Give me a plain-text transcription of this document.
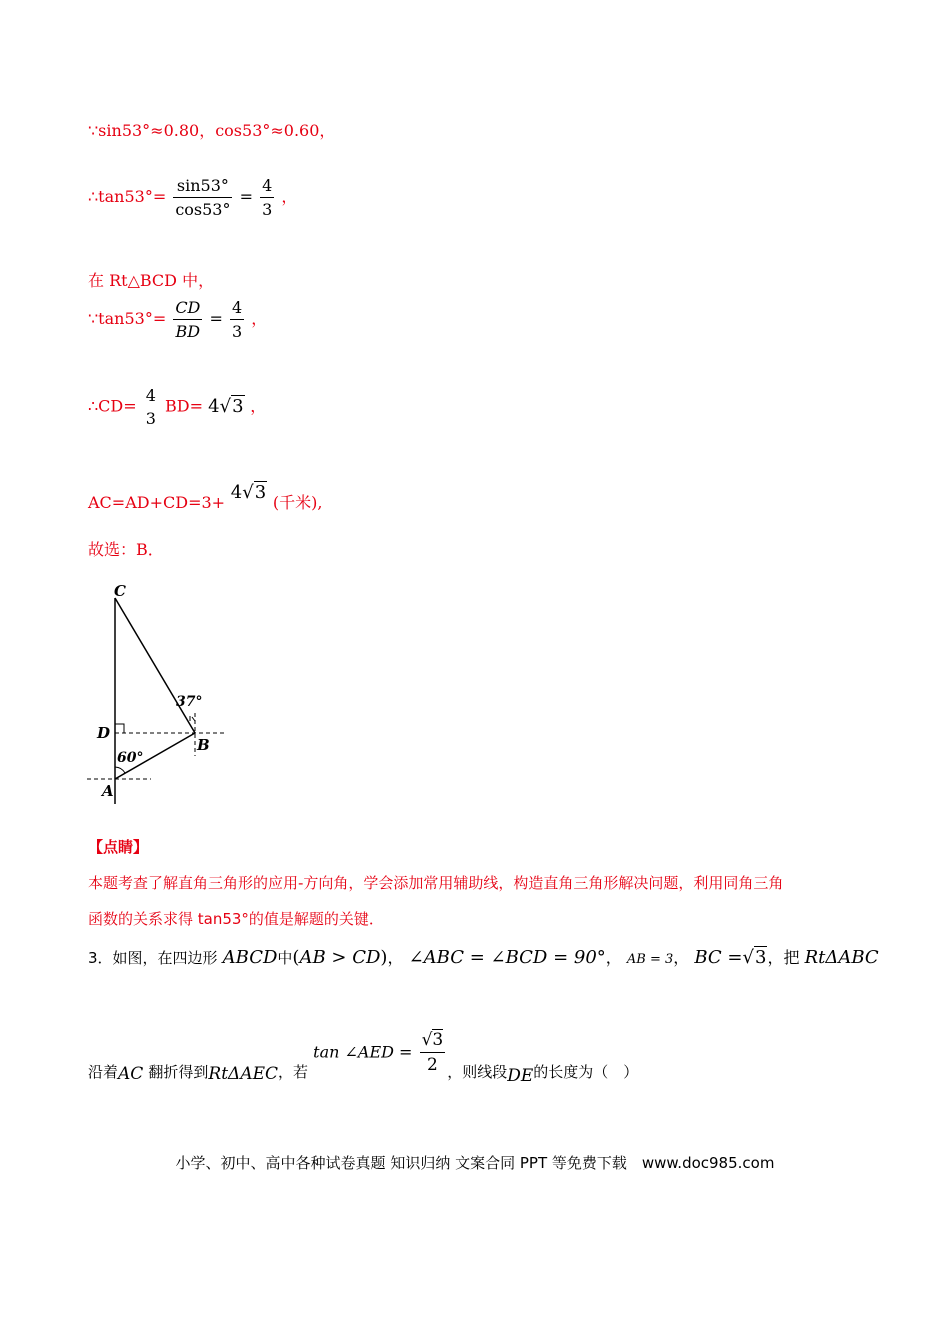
∵sin53°≈0.80，cos53°≈0.60，
∴tan53°= $\frac{\sin 53^\circ}{\cos 53^\circ} = \frac{4}{3}$ ，
在 Rt△BCD 中，
∵tan53°= $\frac{CD}{BD} = \frac{4}{3}$ ，
∴CD=
4
3
BD= 4√3 ，
AC=AD+CD=3+ 4√3 (千米),
故选：B．
C
D
A
B
37°
60°
【点睛】
本题考查了解直角三角形的应用-方向角，学会添加常用辅助线，构造直角三角形解决问题，利用同角三角
函数的关系求得 tan53°的值是解题的关键．
3．如图，在四边形 ABCD中(AB > CD)， ∠ABC = ∠BCD = 90°， AB = 3， BC =√3，把 RtΔABC
沿着AC 翻折得到RtΔAEC，若 tan ∠AED = $\frac{√3}{2}$ ，则线段DE的长度为（　）
小学、初中、高中各种试卷真题 知识归纳 文案合同 PPT 等免费下载　www.doc985.com
